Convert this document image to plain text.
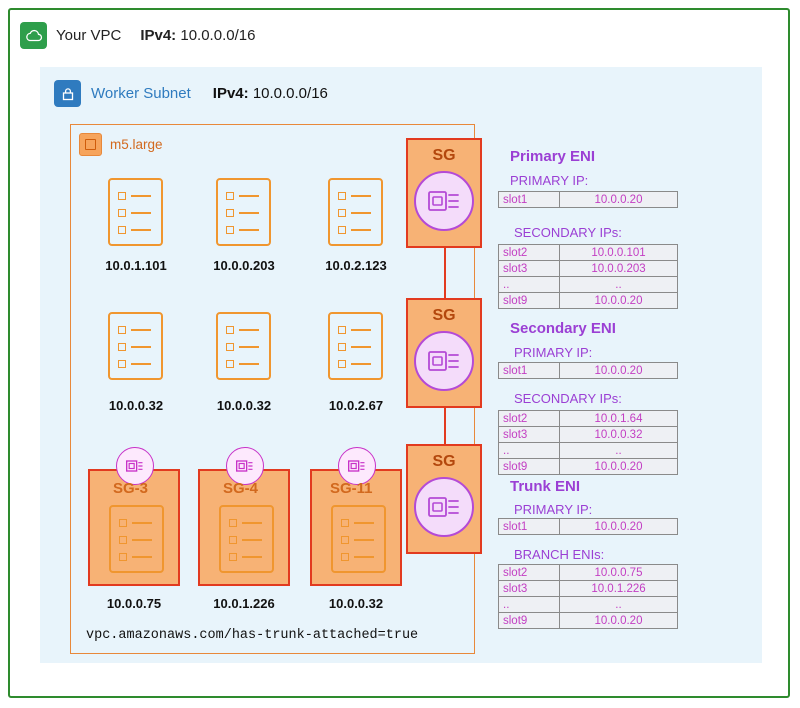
Your VPC IPv4: 10.0.0.0/16
Worker Subnet IPv4: 10.0.0.0/16
m5.large
10.0.1.101	10.0.0.203	10.0.2.123
10.0.0.32	10.0.0.32	10.0.2.67
SG-3
10.0.0.75
SG-4
10.0.1.226
SG-11
10.0.0.32
vpc.amazonaws.com/has-trunk-attached=true
SG
SG
SG
Primary ENI
PRIMARY IP:
slot1	10.0.0.20
SECONDARY IPs:
slot2	10.0.0.101
slot3	10.0.0.203
..	..
slot9	10.0.0.20
Secondary ENI
PRIMARY IP:
slot1	10.0.0.20
SECONDARY IPs:
slot2	10.0.1.64
slot3	10.0.0.32
..	..
slot9	10.0.0.20
Trunk ENI
PRIMARY IP:
slot1	10.0.0.20
BRANCH ENIs:
slot2	10.0.0.75
slot3	10.0.1.226
..	..
slot9	10.0.0.20
